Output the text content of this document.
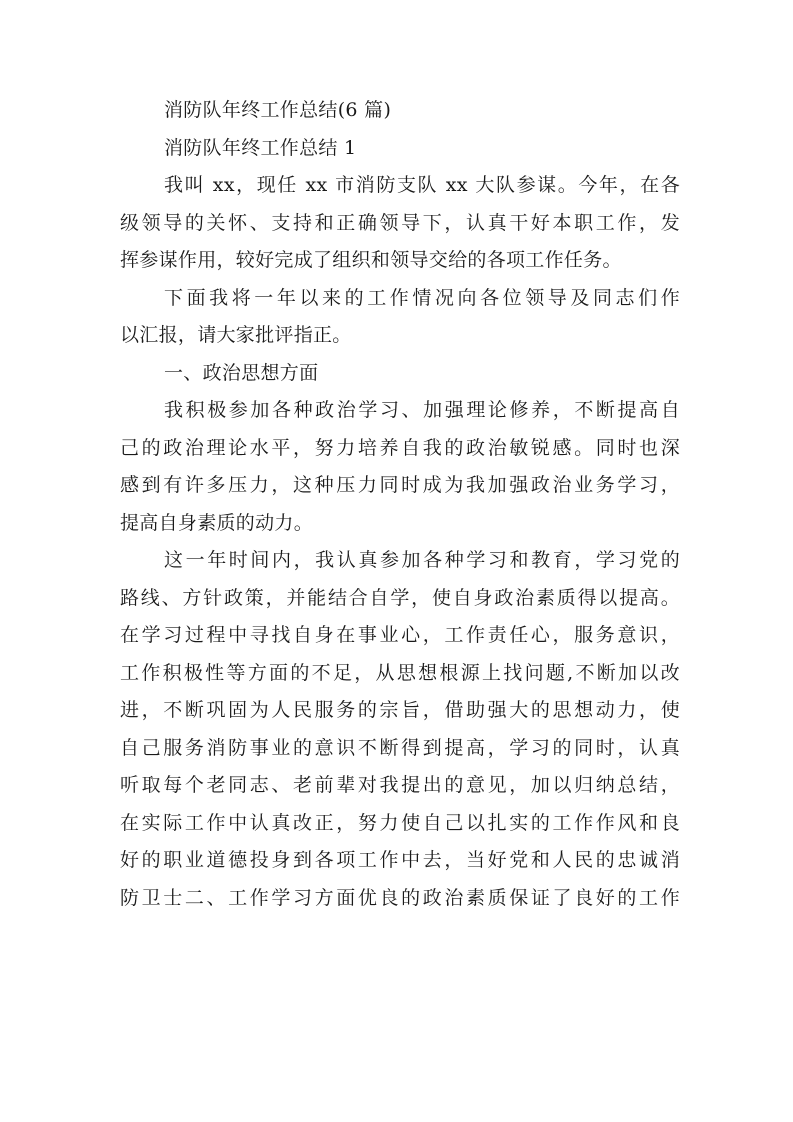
消防队年终工作总结(6 篇)
消防队年终工作总结 1
我叫 xx，现任 xx 市消防支队 xx 大队参谋。今年，在各
级领导的关怀、支持和正确领导下，认真干好本职工作，发
挥参谋作用，较好完成了组织和领导交给的各项工作任务。
下面我将一年以来的工作情况向各位领导及同志们作
以汇报，请大家批评指正。
一、政治思想方面
我积极参加各种政治学习、加强理论修养，不断提高自
己的政治理论水平，努力培养自我的政治敏锐感。同时也深
感到有许多压力，这种压力同时成为我加强政治业务学习，
提高自身素质的动力。
这一年时间内，我认真参加各种学习和教育，学习党的
路线、方针政策，并能结合自学，使自身政治素质得以提高。
在学习过程中寻找自身在事业心，工作责任心，服务意识，
工作积极性等方面的不足，从思想根源上找问题,不断加以改
进，不断巩固为人民服务的宗旨，借助强大的思想动力，使
自己服务消防事业的意识不断得到提高，学习的同时，认真
听取每个老同志、老前辈对我提出的意见，加以归纳总结，
在实际工作中认真改正，努力使自己以扎实的工作作风和良
好的职业道德投身到各项工作中去，当好党和人民的忠诚消
防卫士二、工作学习方面优良的政治素质保证了良好的工作
